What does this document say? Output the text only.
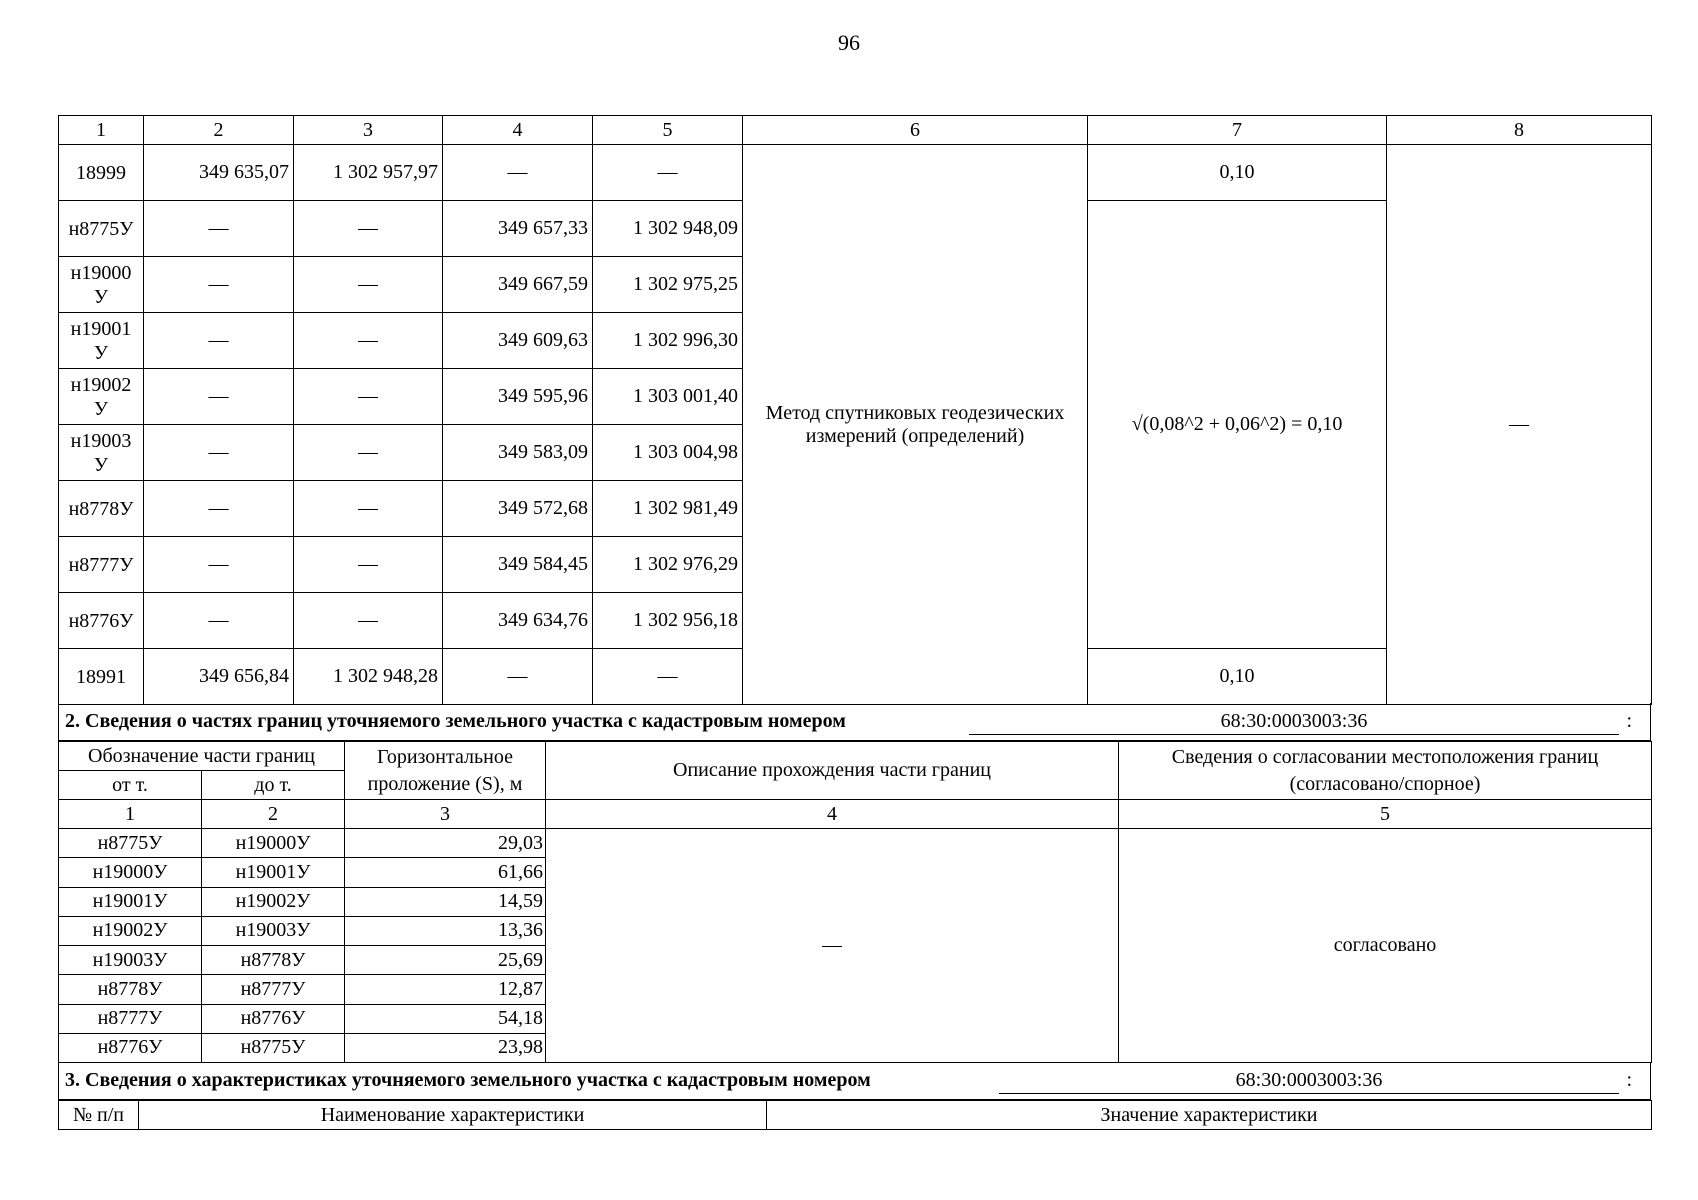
96
1	2	3	4	5	6	7	8
18999	349 635,07	1 302 957,97	—	—	Метод спутниковых геодезических измерений (определений)	0,10	—
н8775У	—	—	349 657,33	1 302 948,09		√(0,08^2 + 0,06^2) = 0,10	
н19000 У	—	—	349 667,59	1 302 975,25			
н19001 У	—	—	349 609,63	1 302 996,30			
н19002 У	—	—	349 595,96	1 303 001,40			
н19003 У	—	—	349 583,09	1 303 004,98			
н8778У	—	—	349 572,68	1 302 981,49			
н8777У	—	—	349 584,45	1 302 976,29			
н8776У	—	—	349 634,76	1 302 956,18			
18991	349 656,84	1 302 948,28	—	—		0,10	
2. Сведения о частях границ уточняемого земельного участка с кадастровым номером	68:30:0003003:36	:
Обозначение части границ		Горизонтальное проложение (S), м	Описание прохождения части границ	Сведения о согласовании местоположения границ (согласовано/спорное)
от т.	до т.			
1	2	3	4	5
н8775У	н19000У	29,03	—	согласовано
н19000У	н19001У	61,66		
н19001У	н19002У	14,59		
н19002У	н19003У	13,36		
н19003У	н8778У	25,69		
н8778У	н8777У	12,87		
н8777У	н8776У	54,18		
н8776У	н8775У	23,98		
3. Сведения о характеристиках уточняемого земельного участка с кадастровым номером	68:30:0003003:36	:
№ п/п	Наименование характеристики	Значение характеристики
